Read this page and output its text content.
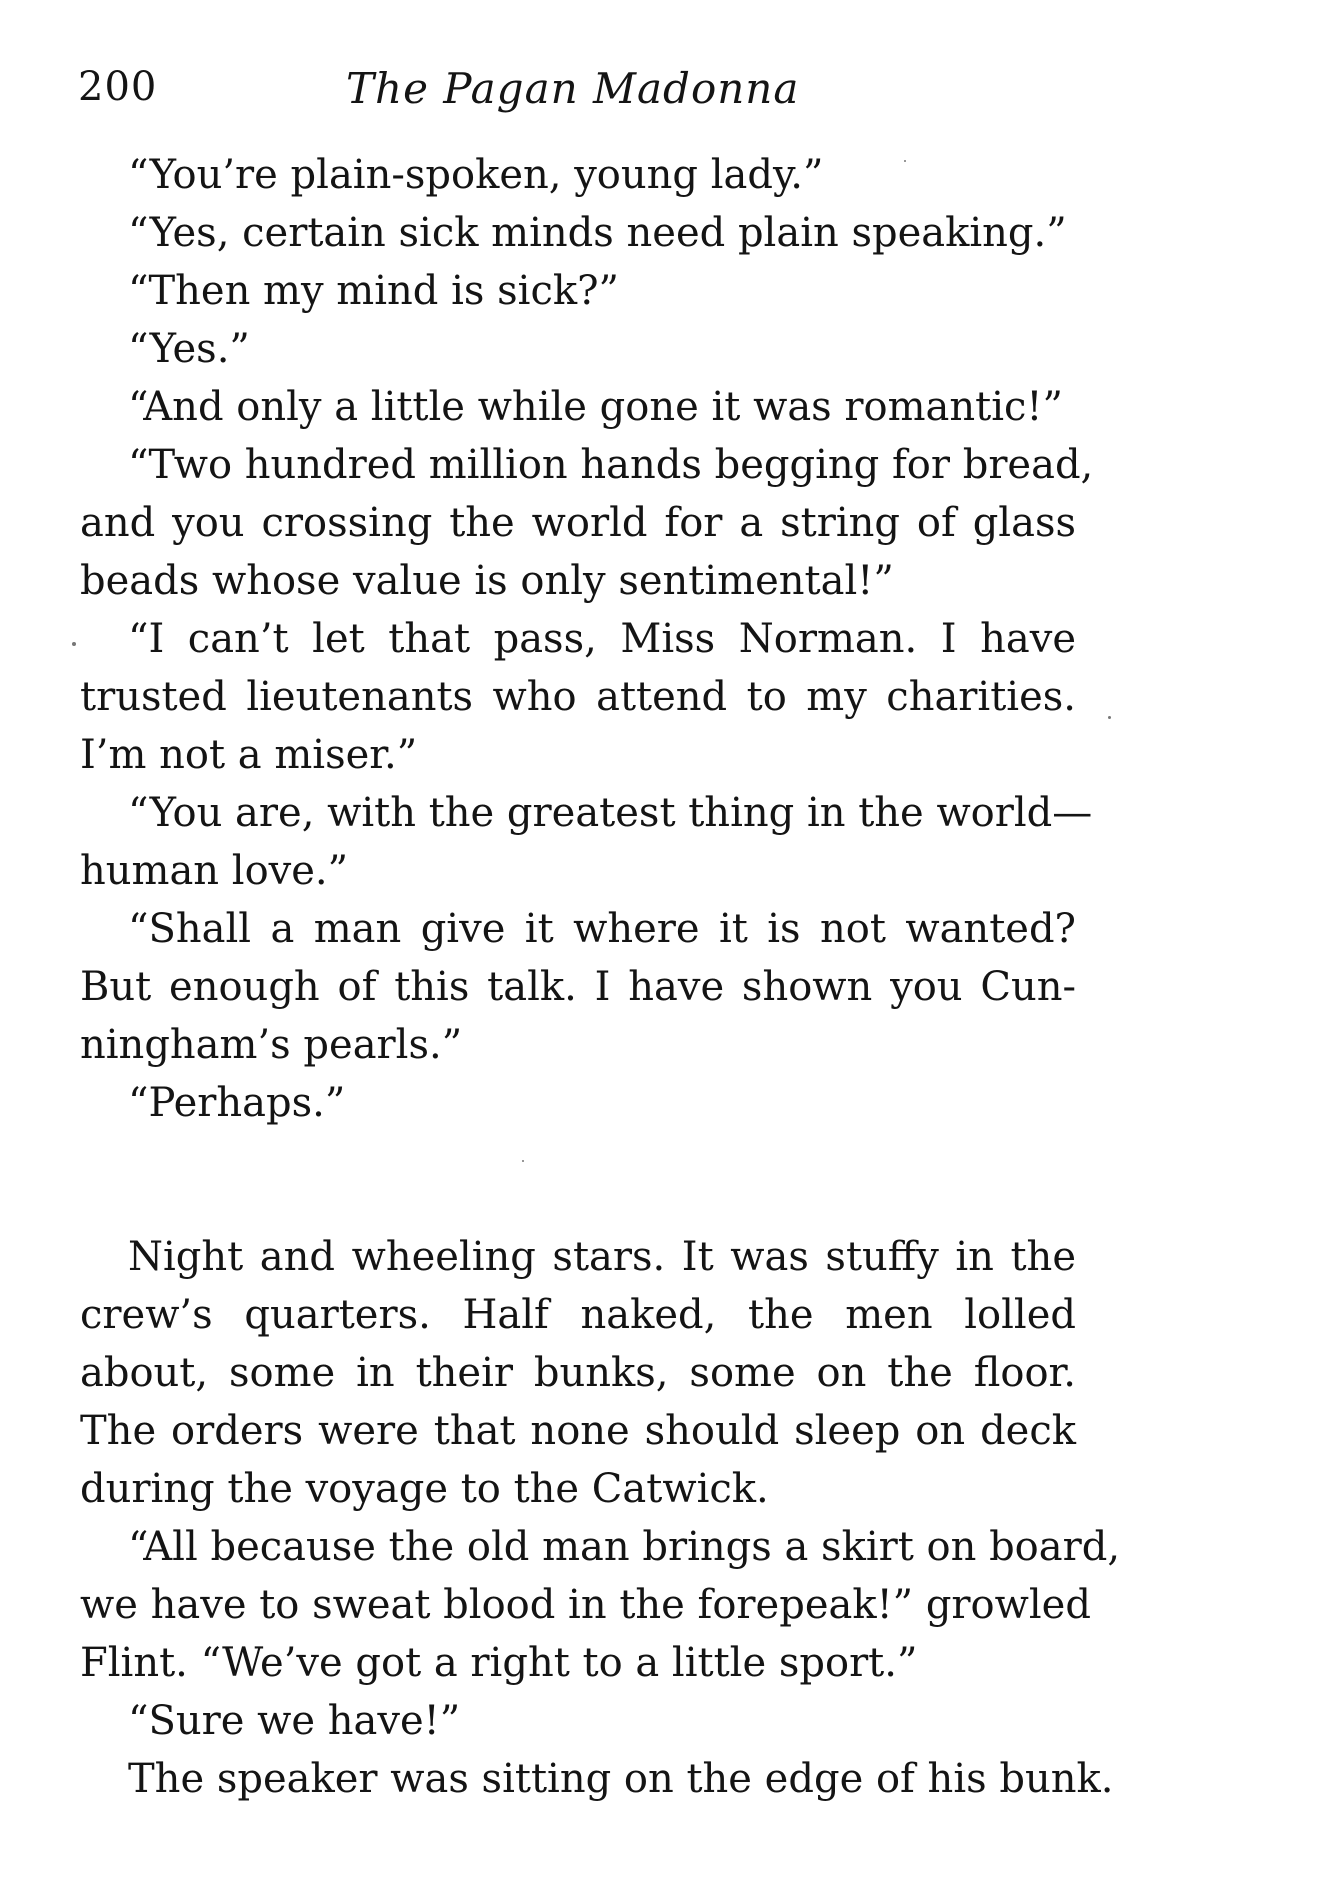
200	The Pagan Madonna
“You’re plain-spoken, young lady.”
“Yes, certain sick minds need plain speaking.”
“Then my mind is sick?”
“Yes.”
“And only a little while gone it was romantic!”
“Two hundred million hands begging for bread,
and you crossing the world for a string of glass
beads whose value is only sentimental!”
“I can’t let that pass, Miss Norman. I have
trusted lieutenants who attend to my charities.
I’m not a miser.”
“You are, with the greatest thing in the world—
human love.”
“Shall a man give it where it is not wanted?
But enough of this talk. I have shown you Cun-
ningham’s pearls.”
“Perhaps.”
Night and wheeling stars. It was stuffy in the
crew’s quarters. Half naked, the men lolled
about, some in their bunks, some on the floor.
The orders were that none should sleep on deck
during the voyage to the Catwick.
“All because the old man brings a skirt on board,
we have to sweat blood in the forepeak!” growled
Flint. “We’ve got a right to a little sport.”
“Sure we have!”
The speaker was sitting on the edge of his bunk.
